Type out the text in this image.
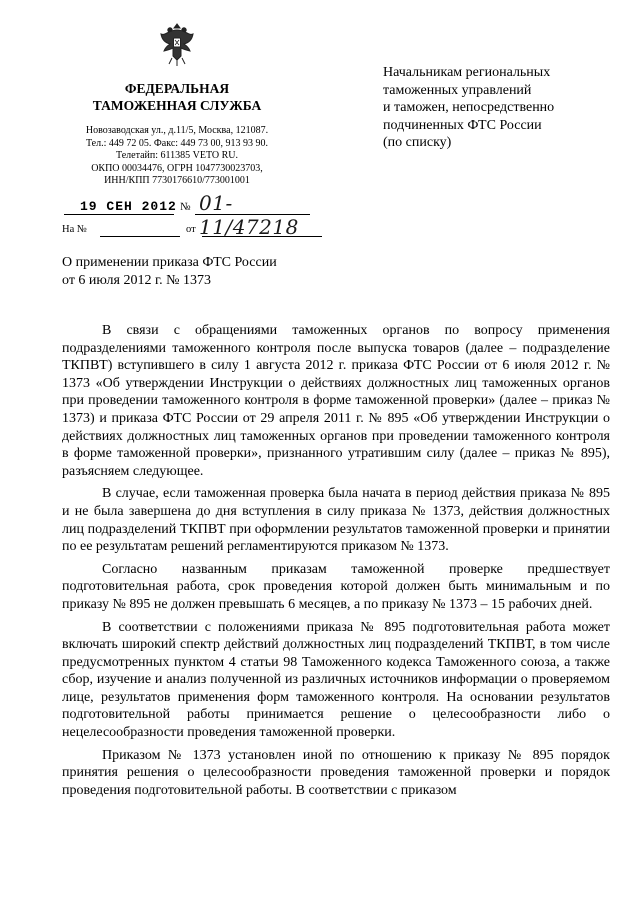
ФЕДЕРАЛЬНАЯ
ТАМОЖЕННАЯ СЛУЖБА
Новозаводская ул., д.11/5, Москва, 121087.
Тел.: 449 72 05. Факс: 449 73 00, 913 93 90.
Телетайп: 611385 VETO RU.
ОКПО 00034476, ОГРН 1047730023703,
ИНН/КПП 7730176610/773001001
19 СЕН 2012 № 01-11/47218
На №	от
Начальникам региональных
таможенных управлений
и таможен, непосредственно
подчиненных ФТС России
(по списку)
О применении приказа ФТС России
от 6 июля 2012 г. № 1373

В связи с обращениями таможенных органов по вопросу применения подразделениями таможенного контроля после выпуска товаров (далее – подразделение ТКПВТ) вступившего в силу 1 августа 2012 г. приказа ФТС России от 6 июля 2012 г. № 1373 «Об утверждении Инструкции о действиях должностных лиц таможенных органов при проведении таможенного контроля в форме таможенной проверки» (далее – приказ № 1373) и приказа ФТС России от 29 апреля 2011 г. № 895 «Об утверждении Инструкции о действиях должностных лиц таможенных органов при проведении таможенного контроля в форме таможенной проверки», признанного утратившим силу (далее – приказ № 895), разъясняем следующее.

В случае, если таможенная проверка была начата в период действия приказа № 895 и не была завершена до дня вступления в силу приказа № 1373, действия должностных лиц подразделений ТКПВТ при оформлении результатов таможенной проверки и принятии по ее результатам решений регламентируются приказом № 1373.

Согласно названным приказам таможенной проверке предшествует подготовительная работа, срок проведения которой должен быть минимальным и по приказу № 895 не должен превышать 6 месяцев, а по приказу № 1373 – 15 рабочих дней.

В соответствии с положениями приказа № 895 подготовительная работа может включать широкий спектр действий должностных лиц подразделений ТКПВТ, в том числе предусмотренных пунктом 4 статьи 98 Таможенного кодекса Таможенного союза, а также сбор, изучение и анализ полученной из различных источников информации о проверяемом лице, результатов применения форм таможенного контроля. На основании результатов подготовительной работы принимается решение о целесообразности либо о нецелесообразности проведения таможенной проверки.

Приказом № 1373 установлен иной по отношению к приказу № 895 порядок принятия решения о целесообразности проведения таможенной проверки и порядок проведения подготовительной работы. В соответствии с приказом
